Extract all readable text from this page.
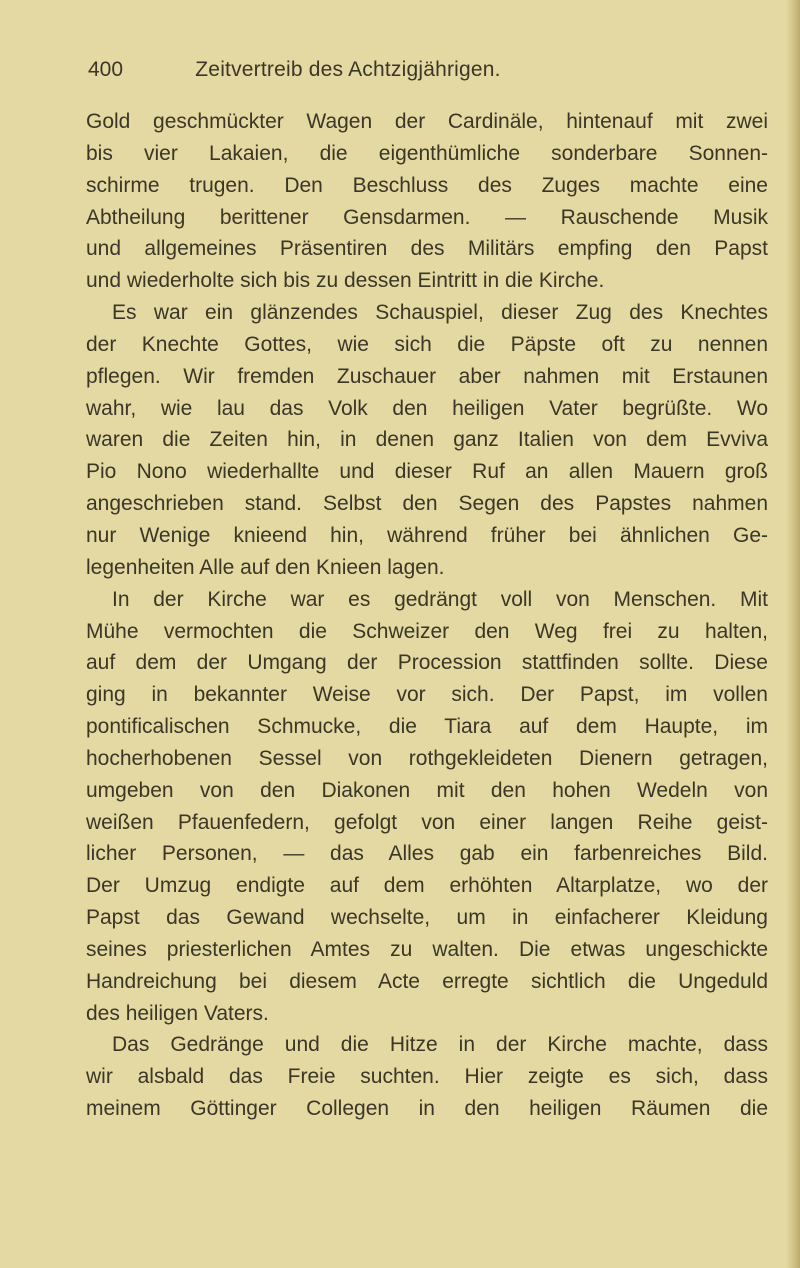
400	Zeitvertreib des Achtzigjährigen.
Gold geschmückter Wagen der Cardinäle, hintenauf mit zwei
bis vier Lakaien, die eigenthümliche sonderbare Sonnen-
schirme trugen. Den Beschluss des Zuges machte eine
Abtheilung berittener Gensdarmen. — Rauschende Musik
und allgemeines Präsentiren des Militärs empfing den Papst
und wiederholte sich bis zu dessen Eintritt in die Kirche.
Es war ein glänzendes Schauspiel, dieser Zug des Knechtes
der Knechte Gottes, wie sich die Päpste oft zu nennen
pflegen. Wir fremden Zuschauer aber nahmen mit Erstaunen
wahr, wie lau das Volk den heiligen Vater begrüßte. Wo
waren die Zeiten hin, in denen ganz Italien von dem Evviva
Pio Nono wiederhallte und dieser Ruf an allen Mauern groß
angeschrieben stand. Selbst den Segen des Papstes nahmen
nur Wenige knieend hin, während früher bei ähnlichen Ge-
legenheiten Alle auf den Knieen lagen.
In der Kirche war es gedrängt voll von Menschen. Mit
Mühe vermochten die Schweizer den Weg frei zu halten,
auf dem der Umgang der Procession stattfinden sollte. Diese
ging in bekannter Weise vor sich. Der Papst, im vollen
pontificalischen Schmucke, die Tiara auf dem Haupte, im
hocherhobenen Sessel von rothgekleideten Dienern getragen,
umgeben von den Diakonen mit den hohen Wedeln von
weißen Pfauenfedern, gefolgt von einer langen Reihe geist-
licher Personen, — das Alles gab ein farbenreiches Bild.
Der Umzug endigte auf dem erhöhten Altarplatze, wo der
Papst das Gewand wechselte, um in einfacherer Kleidung
seines priesterlichen Amtes zu walten. Die etwas ungeschickte
Handreichung bei diesem Acte erregte sichtlich die Ungeduld
des heiligen Vaters.
Das Gedränge und die Hitze in der Kirche machte, dass
wir alsbald das Freie suchten. Hier zeigte es sich, dass
meinem Göttinger Collegen in den heiligen Räumen die
